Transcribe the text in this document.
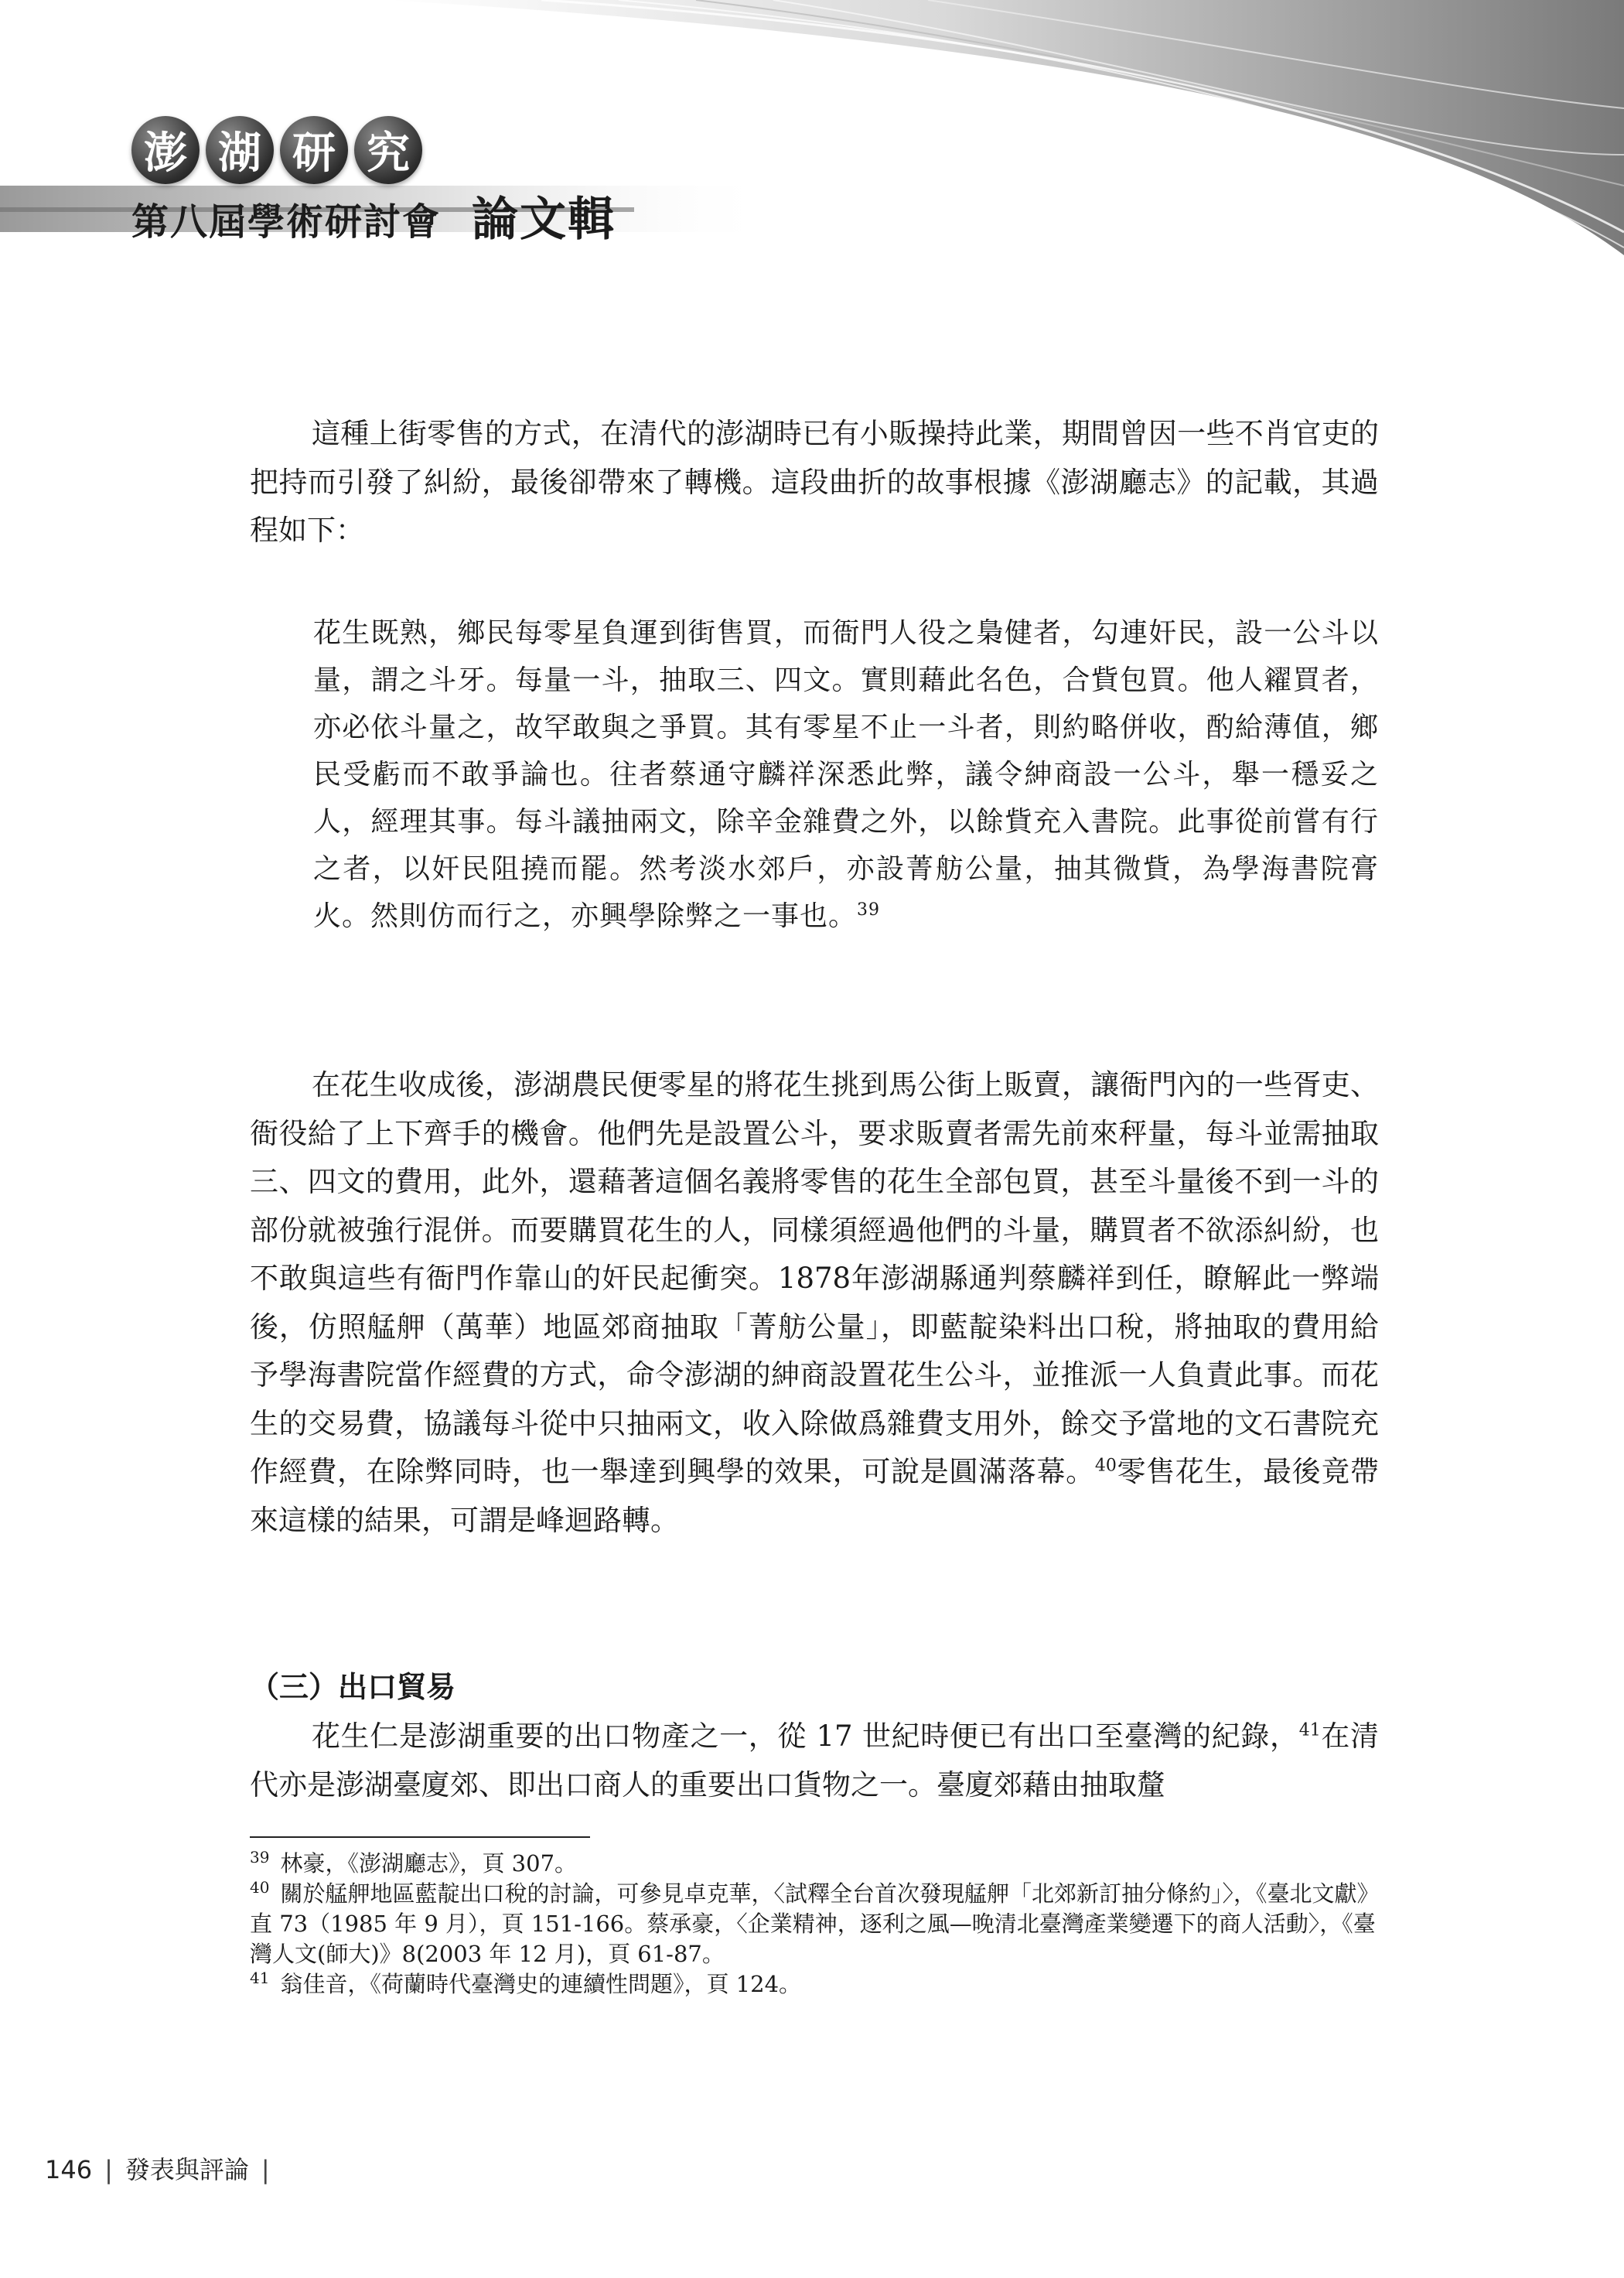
澎 湖 研 究
第八屆學術研討會 論文輯

這種上街零售的方式，在清代的澎湖時已有小販操持此業，期間曾因一些不肖官吏的把持而引發了糾紛，最後卻帶來了轉機。這段曲折的故事根據《澎湖廳志》的記載，其過程如下：

花生既熟，鄉民每零星負運到街售買，而衙門人役之梟健者，勾連奸民，設一公斗以量，謂之斗牙。每量一斗，抽取三、四文。實則藉此名色，合貲包買。他人糴買者，亦必依斗量之，故罕敢與之爭買。其有零星不止一斗者，則約略併收，酌給薄值，鄉民受虧而不敢爭論也。往者蔡通守麟祥深悉此弊，議令紳商設一公斗，舉一穩妥之人，經理其事。每斗議抽兩文，除辛金雜費之外，以餘貲充入書院。此事從前嘗有行之者，以奸民阻撓而罷。然考淡水郊戶，亦設菁舫公量，抽其微貲，為學海書院膏火。然則仿而行之，亦興學除弊之一事也。$^{39}$

在花生收成後，澎湖農民便零星的將花生挑到馬公街上販賣，讓衙門內的一些胥吏、衙役給了上下齊手的機會。他們先是設置公斗，要求販賣者需先前來秤量，每斗並需抽取三、四文的費用，此外，還藉著這個名義將零售的花生全部包買，甚至斗量後不到一斗的部份就被強行混併。而要購買花生的人，同樣須經過他們的斗量，購買者不欲添糾紛，也不敢與這些有衙門作靠山的奸民起衝突。1878年澎湖縣通判蔡麟祥到任，瞭解此一弊端後，仿照艋舺（萬華）地區郊商抽取「菁舫公量」，即藍靛染料出口稅，將抽取的費用給予學海書院當作經費的方式，命令澎湖的紳商設置花生公斗，並推派一人負責此事。而花生的交易費，協議每斗從中只抽兩文，收入除做爲雜費支用外，餘交予當地的文石書院充作經費，在除弊同時，也一舉達到興學的效果，可說是圓滿落幕。$^{40}$零售花生，最後竟帶來這樣的結果，可謂是峰迴路轉。

（三）出口貿易

花生仁是澎湖重要的出口物產之一，從 17 世紀時便已有出口至臺灣的紀錄，$^{41}$在清代亦是澎湖臺廈郊、即出口商人的重要出口貨物之一。臺廈郊藉由抽取釐

$^{39}$ 林豪，《澎湖廳志》，頁 307。

$^{40}$ 關於艋舺地區藍靛出口稅的討論，可參見卓克華，〈試釋全台首次發現艋舺「北郊新訂抽分條約」〉，《臺北文獻》直 73（1985 年 9 月），頁 151-166。蔡承豪，〈企業精神，逐利之風—晚清北臺灣產業變遷下的商人活動〉，《臺灣人文(師大)》8(2003 年 12 月)，頁 61-87。

$^{41}$ 翁佳音，《荷蘭時代臺灣史的連續性問題》，頁 124。

146 | 發表與評論 |
